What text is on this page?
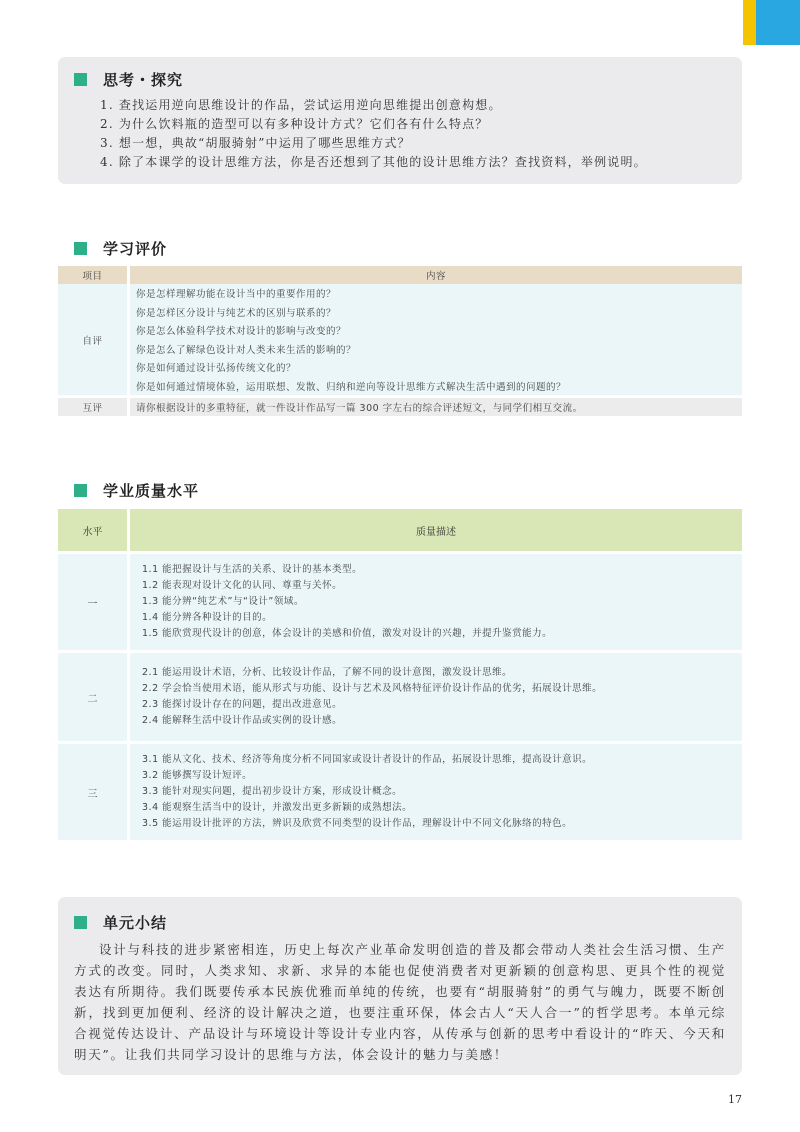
思考・探究
1. 查找运用逆向思维设计的作品，尝试运用逆向思维提出创意构想。
2. 为什么饮料瓶的造型可以有多种设计方式？它们各有什么特点？
3. 想一想，典故“胡服骑射”中运用了哪些思维方式？
4. 除了本课学的设计思维方法，你是否还想到了其他的设计思维方法？查找资料，举例说明。
学习评价
项目	内容
自评	你是怎样理解功能在设计当中的重要作用的？
	你是怎样区分设计与纯艺术的区别与联系的？
	你是怎么体验科学技术对设计的影响与改变的？
	你是怎么了解绿色设计对人类未来生活的影响的？
	你是如何通过设计弘扬传统文化的？
	你是如何通过情境体验，运用联想、发散、归纳和逆向等设计思维方式解决生活中遇到的问题的？
互评	请你根据设计的多重特征，就一件设计作品写一篇 300 字左右的综合评述短文，与同学们相互交流。
学业质量水平
水平	质量描述
一	1.1 能把握设计与生活的关系、设计的基本类型。
1.2 能表现对设计文化的认同、尊重与关怀。
1.3 能分辨“纯艺术”与“设计”领域。
1.4 能分辨各种设计的目的。
1.5 能欣赏现代设计的创意，体会设计的美感和价值，激发对设计的兴趣，并提升鉴赏能力。

二	2.1 能运用设计术语，分析、比较设计作品，了解不同的设计意图，激发设计思维。
2.2 学会恰当使用术语，能从形式与功能、设计与艺术及风格特征评价设计作品的优劣，拓展设计思维。
2.3 能探讨设计存在的问题，提出改进意见。
2.4 能解释生活中设计作品或实例的设计感。

三	3.1 能从文化、技术、经济等角度分析不同国家或设计者设计的作品，拓展设计思维，提高设计意识。
3.2 能够撰写设计短评。
3.3 能针对现实问题，提出初步设计方案，形成设计概念。
3.4 能观察生活当中的设计，并激发出更多新颖的成熟想法。
3.5 能运用设计批评的方法，辨识及欣赏不同类型的设计作品，理解设计中不同文化脉络的特色。
单元小结

设计与科技的进步紧密相连，历史上每次产业革命发明创造的普及都会带动人类社会生活习惯、生产方式的改变。同时，人类求知、求新、求异的本能也促使消费者对更新颖的创意构思、更具个性的视觉表达有所期待。我们既要传承本民族优雅而单纯的传统，也要有“胡服骑射”的勇气与魄力，既要不断创新，找到更加便利、经济的设计解决之道，也要注重环保，体会古人“天人合一”的哲学思考。本单元综合视觉传达设计、产品设计与环境设计等设计专业内容，从传承与创新的思考中看设计的“昨天、今天和明天”。让我们共同学习设计的思维与方法，体会设计的魅力与美感！

17
